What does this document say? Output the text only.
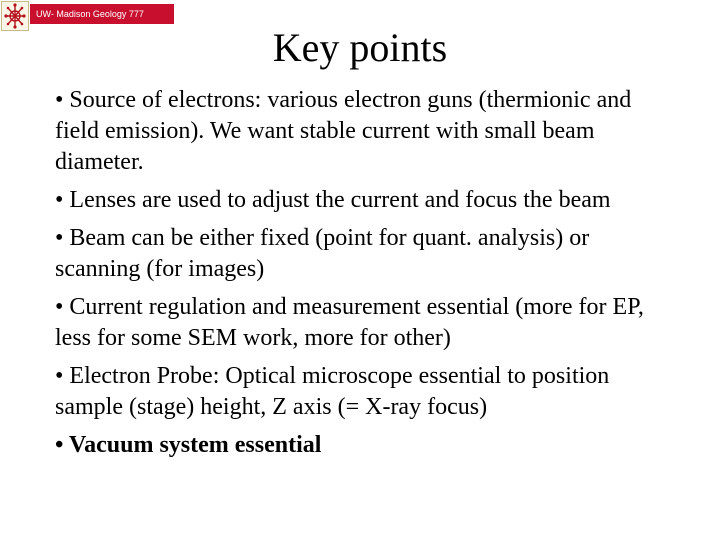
UW- Madison Geology 777
Key points
• Source of electrons: various electron guns (thermionic and field emission). We want stable current with small beam diameter.
• Lenses are used to adjust the current and focus the beam
• Beam can be either fixed (point for quant. analysis) or scanning (for images)
• Current regulation and measurement essential (more for EP, less for some SEM work, more for other)
• Electron Probe: Optical microscope essential to position sample (stage) height, Z axis (= X-ray focus)
• Vacuum system essential
